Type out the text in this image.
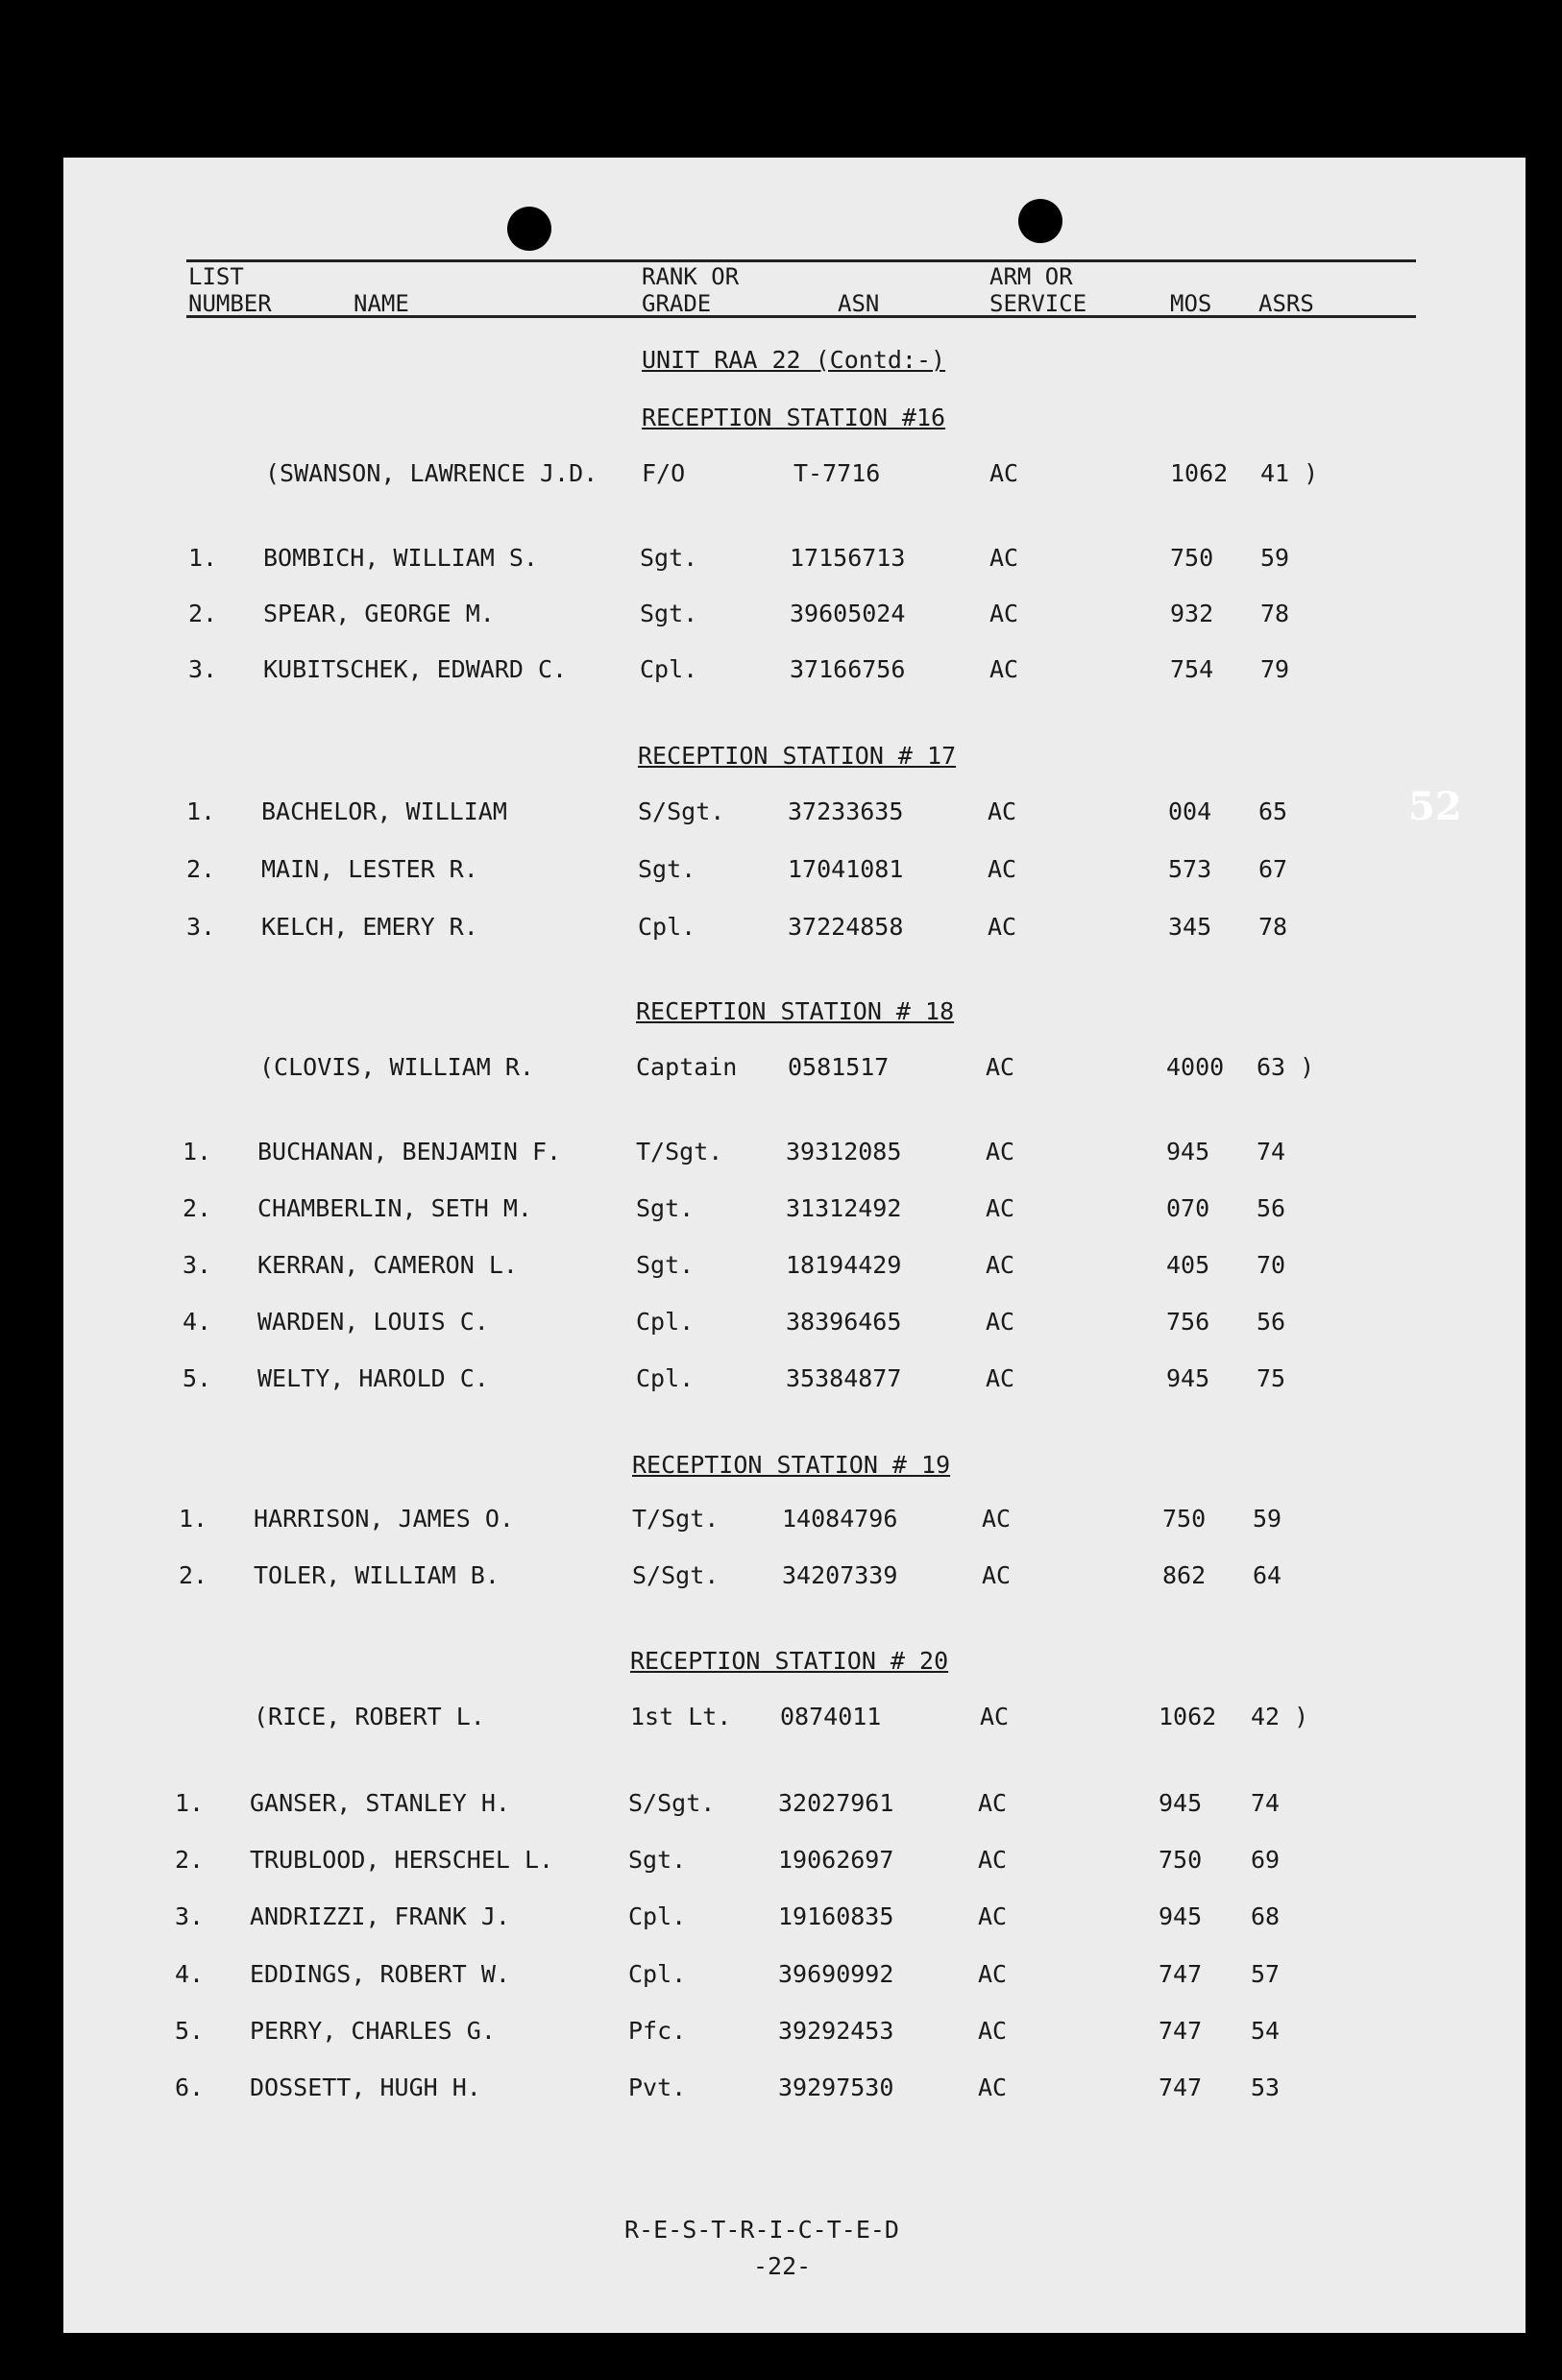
LIST
NUMBER	NAME
RANK OR
GRADE	ASN
ARM OR
SERVICE	MOS ASRS
UNIT RAA 22 (Contd:-)
RECEPTION STATION #16
(SWANSON, LAWRENCE J.D. F/O	T-7716	AC	1062 41 )
1. BOMBICH, WILLIAM S.	Sgt.	17156713	AC	750 59
2. SPEAR, GEORGE M.	Sgt.	39605024	AC	932 78
3. KUBITSCHEK, EDWARD C.	Cpl.	37166756	AC	754 79
RECEPTION STATION # 17
1. BACHELOR, WILLIAM	S/Sgt.	37233635	AC	004 65
2. MAIN, LESTER R.	Sgt.	17041081	AC	573 67
3. KELCH, EMERY R.	Cpl.	37224858	AC	345 78
RECEPTION STATION # 18
(CLOVIS, WILLIAM R.	Captain 0581517	AC	4000 63 )
1. BUCHANAN, BENJAMIN F.	T/Sgt.	39312085	AC	945 74
2. CHAMBERLIN, SETH M.	Sgt.	31312492	AC	070 56
3. KERRAN, CAMERON L.	Sgt.	18194429	AC	405 70
4. WARDEN, LOUIS C.	Cpl.	38396465	AC	756 56
5. WELTY, HAROLD C.	Cpl.	35384877	AC	945 75
RECEPTION STATION # 19
1. HARRISON, JAMES O.	T/Sgt.	14084796	AC	750 59
2. TOLER, WILLIAM B.	S/Sgt.	34207339	AC	862 64
RECEPTION STATION # 20
(RICE, ROBERT L.	1st Lt. 0874011	AC	1062 42 )
1. GANSER, STANLEY H.	S/Sgt.	32027961	AC	945 74
2. TRUBLOOD, HERSCHEL L.	Sgt.	19062697	AC	750 69
3. ANDRIZZI, FRANK J.	Cpl.	19160835	AC	945 68
4. EDDINGS, ROBERT W.	Cpl.	39690992	AC	747 57
5. PERRY, CHARLES G.	Pfc.	39292453	AC	747 54
6. DOSSETT, HUGH H.	Pvt.	39297530	AC	747 53
52
R-E-S-T-R-I-C-T-E-D
-22-
